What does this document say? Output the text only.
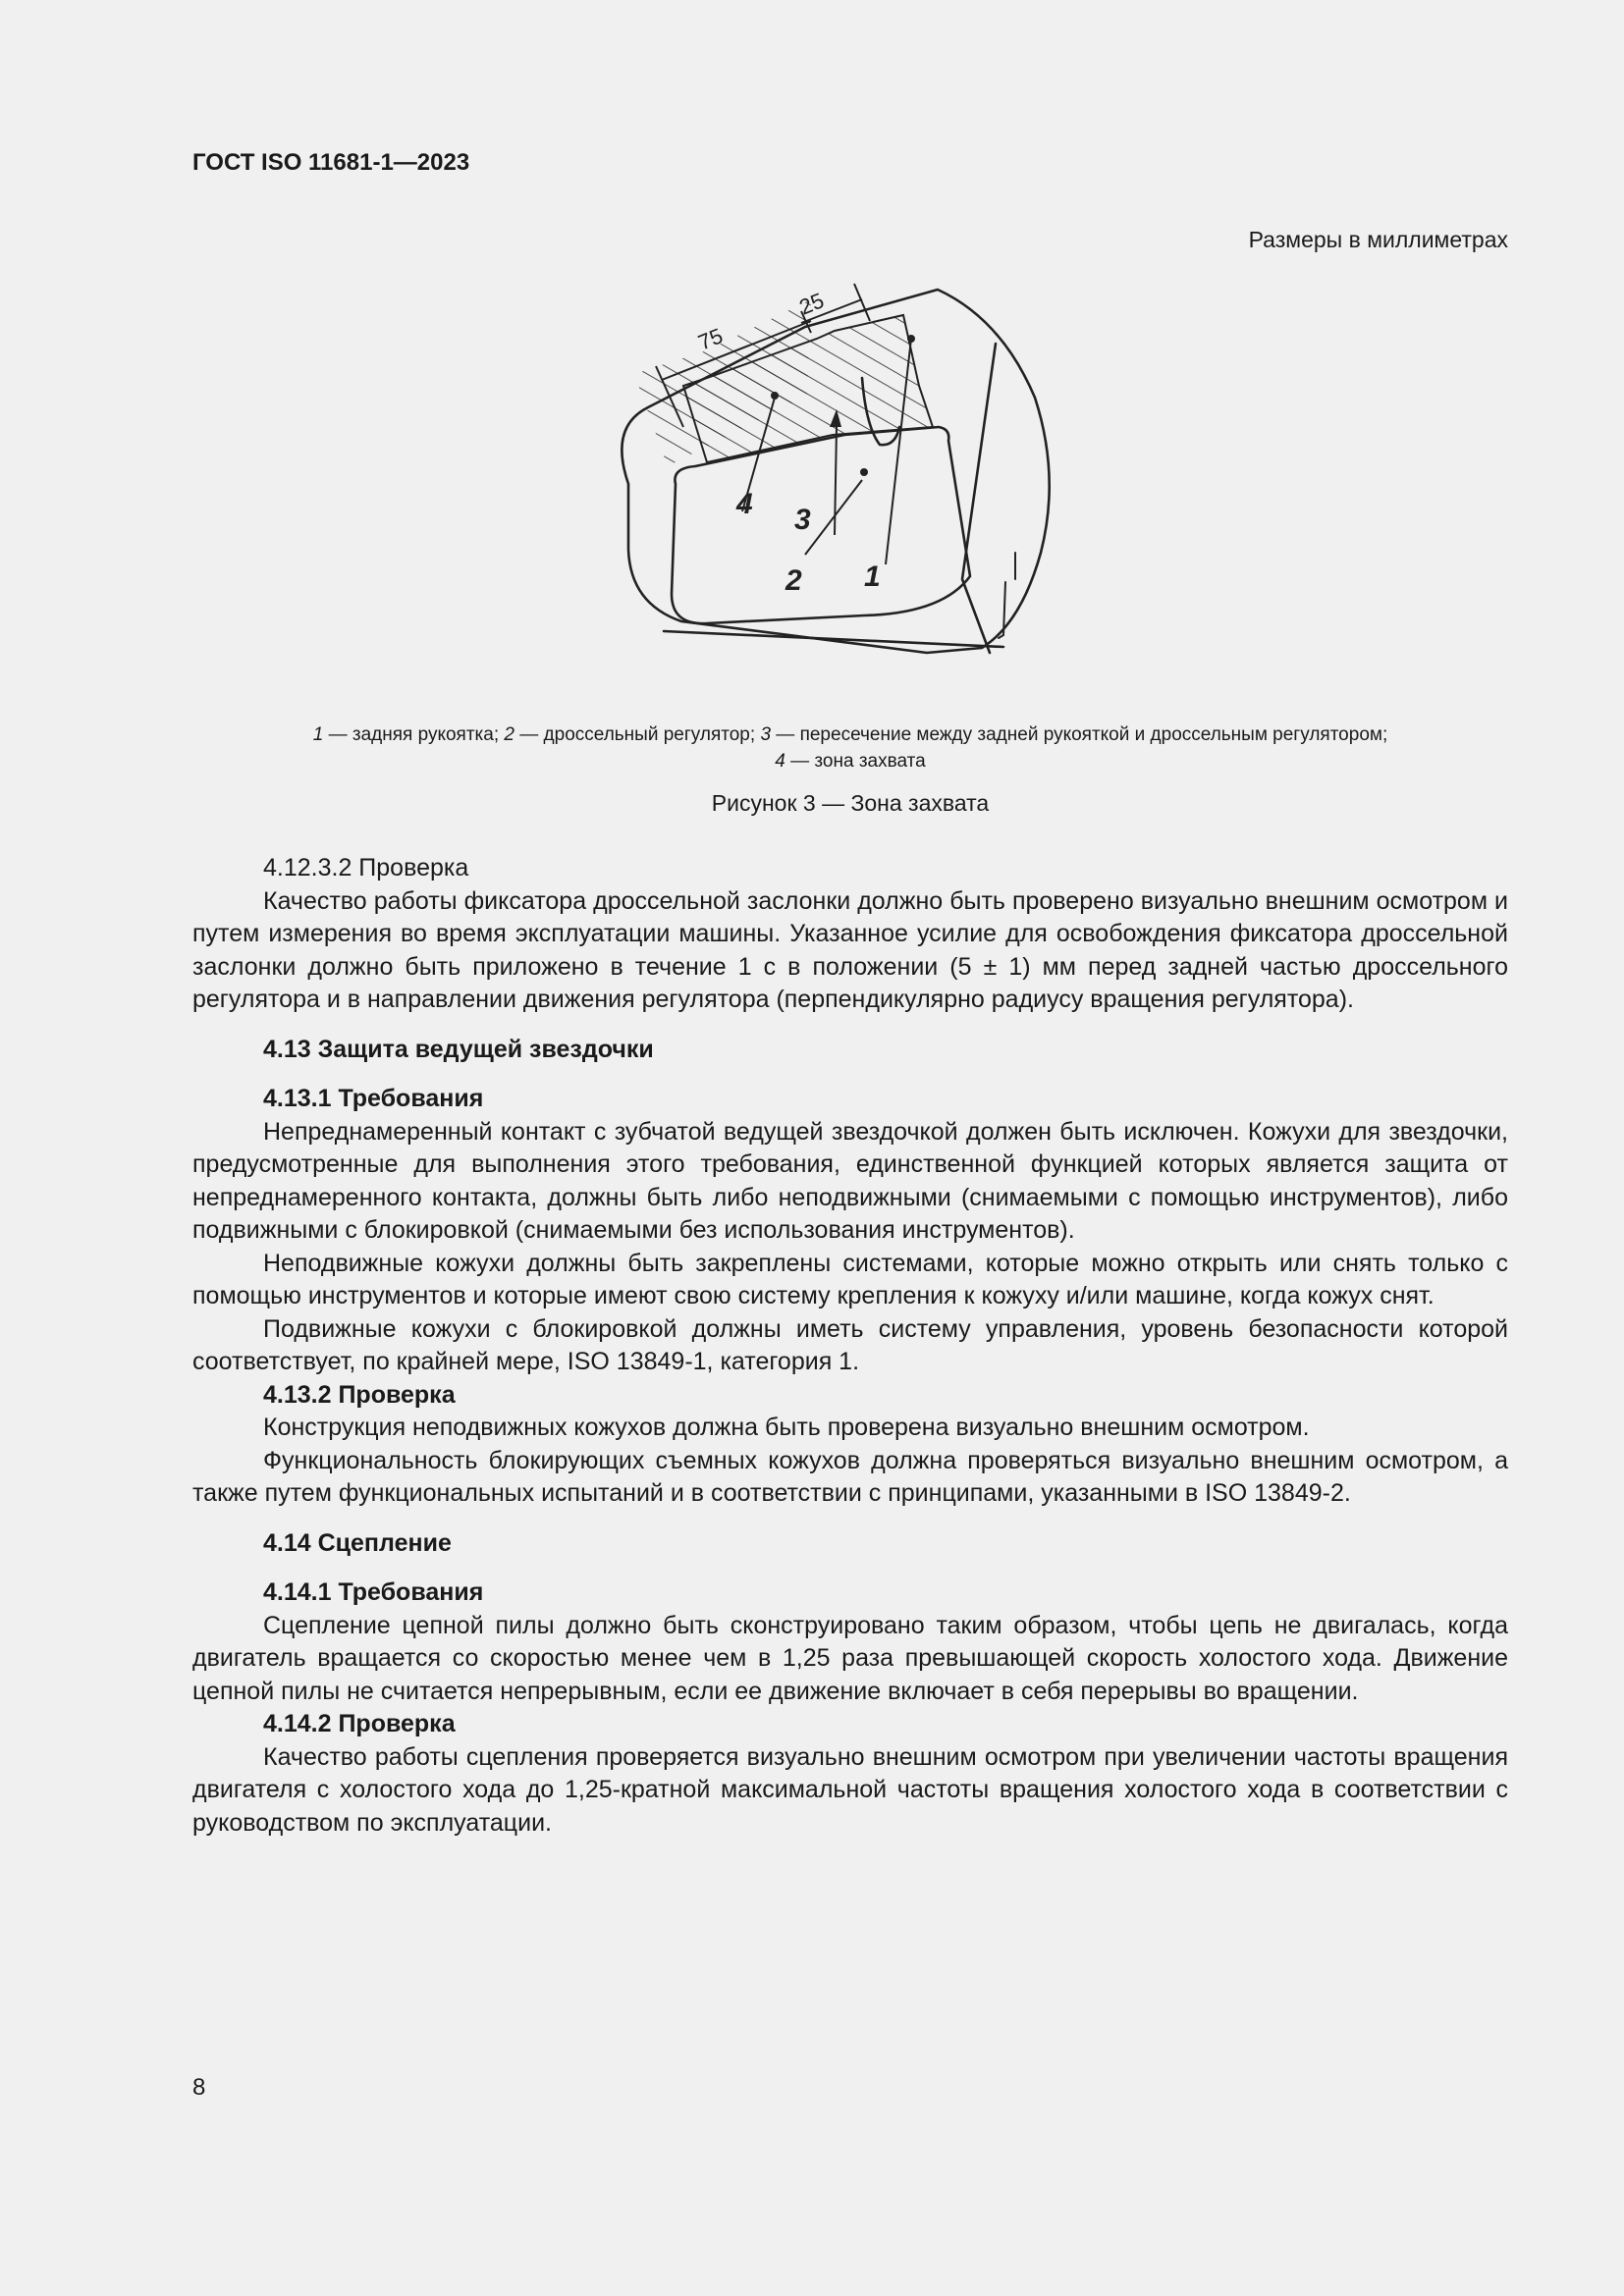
ГОСТ ISO 11681-1—2023

Размеры в миллиметрах

75
25
4 3
2 1

1 — задняя рукоятка; 2 — дроссельный регулятор; 3 — пересечение между задней рукояткой и дроссельным регулятором;
4 — зона захвата

Рисунок 3 — Зона захвата

4.12.3.2 Проверка

Качество работы фиксатора дроссельной заслонки должно быть проверено визуально внешним осмотром и путем измерения во время эксплуатации машины. Указанное усилие для освобождения фиксатора дроссельной заслонки должно быть приложено в течение 1 с в положении (5 ± 1) мм перед задней частью дроссельного регулятора и в направлении движения регулятора (перпендикулярно радиусу вращения регулятора).

4.13 Защита ведущей звездочки

4.13.1 Требования

Непреднамеренный контакт с зубчатой ведущей звездочкой должен быть исключен. Кожухи для звездочки, предусмотренные для выполнения этого требования, единственной функцией которых является защита от непреднамеренного контакта, должны быть либо неподвижными (снимаемыми с помощью инструментов), либо подвижными с блокировкой (снимаемыми без использования инструментов).

Неподвижные кожухи должны быть закреплены системами, которые можно открыть или снять только с помощью инструментов и которые имеют свою систему крепления к кожуху и/или машине, когда кожух снят.

Подвижные кожухи с блокировкой должны иметь систему управления, уровень безопасности которой соответствует, по крайней мере, ISO 13849-1, категория 1.

4.13.2 Проверка

Конструкция неподвижных кожухов должна быть проверена визуально внешним осмотром.

Функциональность блокирующих съемных кожухов должна проверяться визуально внешним осмотром, а также путем функциональных испытаний и в соответствии с принципами, указанными в ISO 13849-2.

4.14 Сцепление

4.14.1 Требования

Сцепление цепной пилы должно быть сконструировано таким образом, чтобы цепь не двигалась, когда двигатель вращается со скоростью менее чем в 1,25 раза превышающей скорость холостого хода. Движение цепной пилы не считается непрерывным, если ее движение включает в себя перерывы во вращении.

4.14.2 Проверка

Качество работы сцепления проверяется визуально внешним осмотром при увеличении частоты вращения двигателя с холостого хода до 1,25-кратной максимальной частоты вращения холостого хода в соответствии с руководством по эксплуатации.

8
